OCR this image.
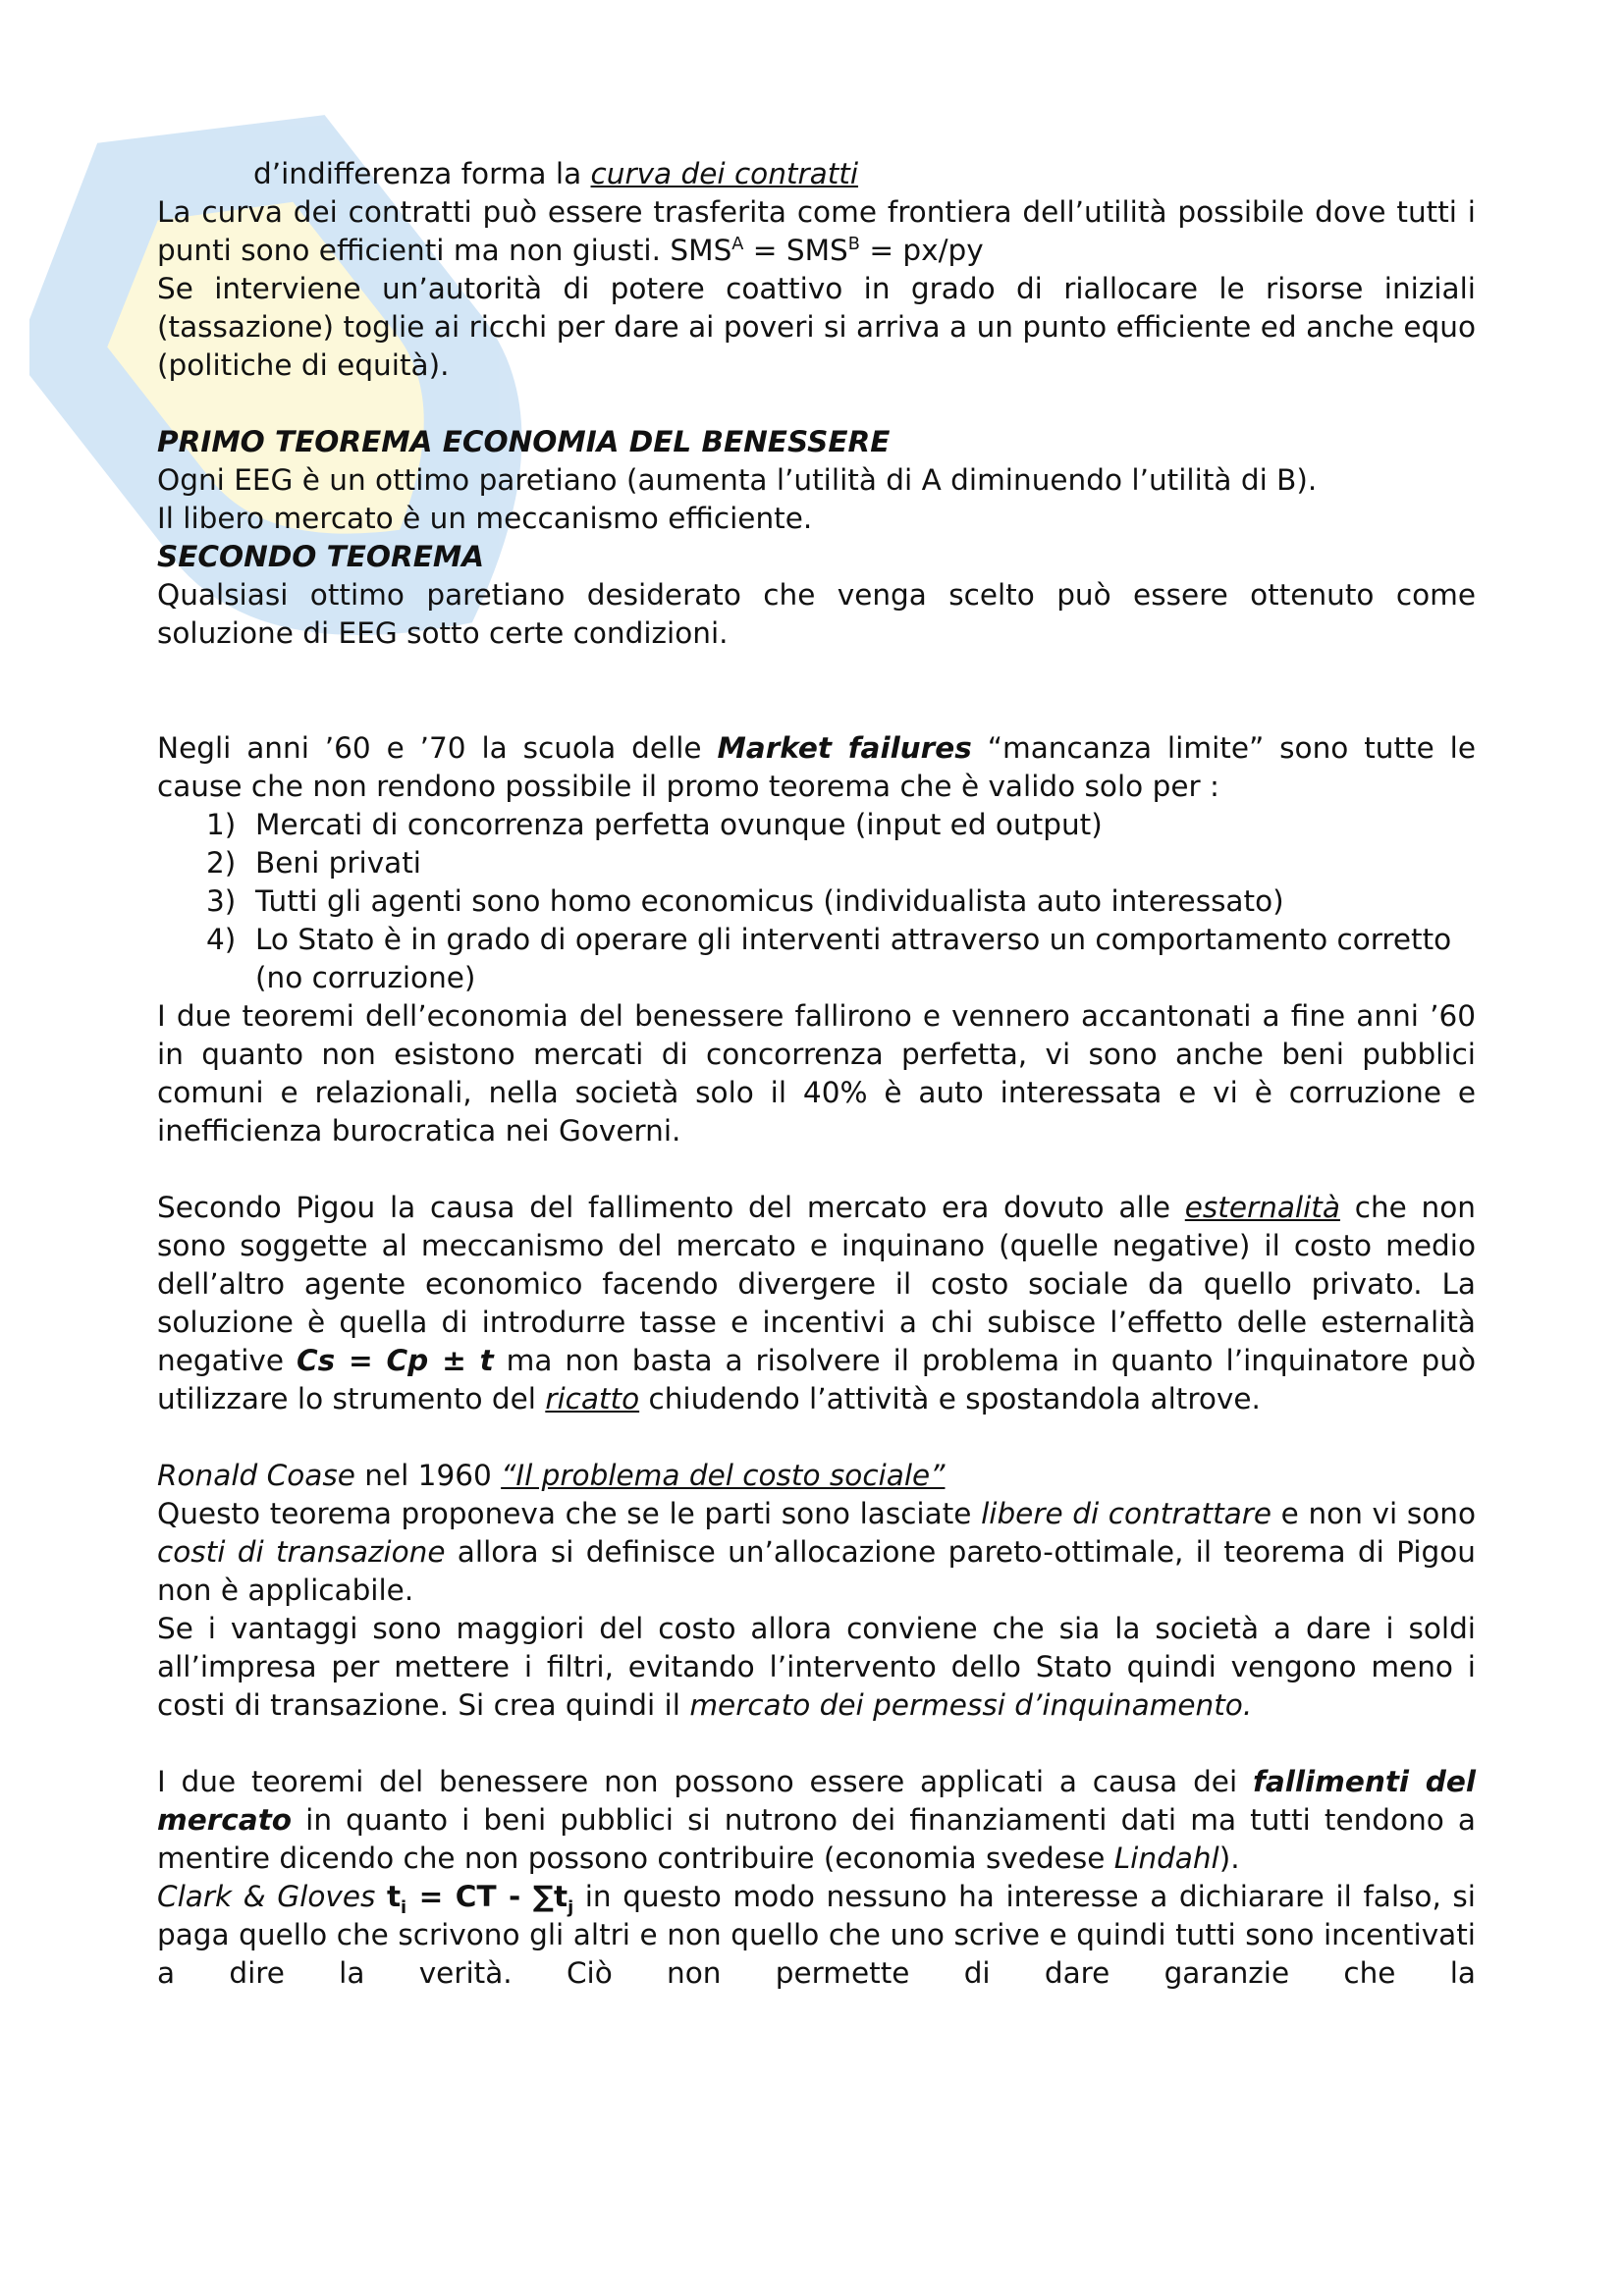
d’indifferenza forma la curva dei contratti

La curva dei contratti può essere trasferita come frontiera dell’utilità possibile dove tutti i punti sono efficienti ma non giusti. $SMS^A = SMS^B = px/py$

Se interviene un’autorità di potere coattivo in grado di riallocare le risorse iniziali (tassazione) toglie ai ricchi per dare ai poveri si arriva a un punto efficiente ed anche equo (politiche di equità).

PRIMO TEOREMA ECONOMIA DEL BENESSERE

Ogni EEG è un ottimo paretiano (aumenta l’utilità di A diminuendo l’utilità di B).

Il libero mercato è un meccanismo efficiente.

SECONDO TEOREMA

Qualsiasi ottimo paretiano desiderato che venga scelto può essere ottenuto come soluzione di EEG sotto certe condizioni.

Negli anni ’60 e ’70 la scuola delle Market failures “mancanza limite” sono tutte le cause che non rendono possibile il promo teorema che è valido solo per :

1) Mercati di concorrenza perfetta ovunque (input ed output)
2) Beni privati
3) Tutti gli agenti sono homo economicus (individualista auto interessato)
4) Lo Stato è in grado di operare gli interventi attraverso un comportamento corretto (no corruzione)

I due teoremi dell’economia del benessere fallirono e vennero accantonati a fine anni ’60 in quanto non esistono mercati di concorrenza perfetta, vi sono anche beni pubblici comuni e relazionali, nella società solo il 40% è auto interessata e vi è corruzione e inefficienza burocratica nei Governi.

Secondo Pigou la causa del fallimento del mercato era dovuto alle esternalità che non sono soggette al meccanismo del mercato e inquinano (quelle negative) il costo medio dell’altro agente economico facendo divergere il costo sociale da quello privato. La soluzione è quella di introdurre tasse e incentivi a chi subisce l’effetto delle esternalità negative Cs = Cp ± t ma non basta a risolvere il problema in quanto l’inquinatore può utilizzare lo strumento del ricatto chiudendo l’attività e spostandola altrove.

Ronald Coase nel 1960 “Il problema del costo sociale”

Questo teorema proponeva che se le parti sono lasciate libere di contrattare e non vi sono costi di transazione allora si definisce un’allocazione pareto-ottimale, il teorema di Pigou non è applicabile.

Se i vantaggi sono maggiori del costo allora conviene che sia la società a dare i soldi all’impresa per mettere i filtri, evitando l’intervento dello Stato quindi vengono meno i costi di transazione. Si crea quindi il mercato dei permessi d’inquinamento.

I due teoremi del benessere non possono essere applicati a causa dei fallimenti del mercato in quanto i beni pubblici si nutrono dei finanziamenti dati ma tutti tendono a mentire dicendo che non possono contribuire (economia svedese Lindahl).

Clark & Gloves $t_i$ = CT - $\sum t_j$ in questo modo nessuno ha interesse a dichiarare il falso, si paga quello che scrivono gli altri e non quello che uno scrive e quindi tutti sono incentivati a dire la verità. Ciò non permette di dare garanzie che la
